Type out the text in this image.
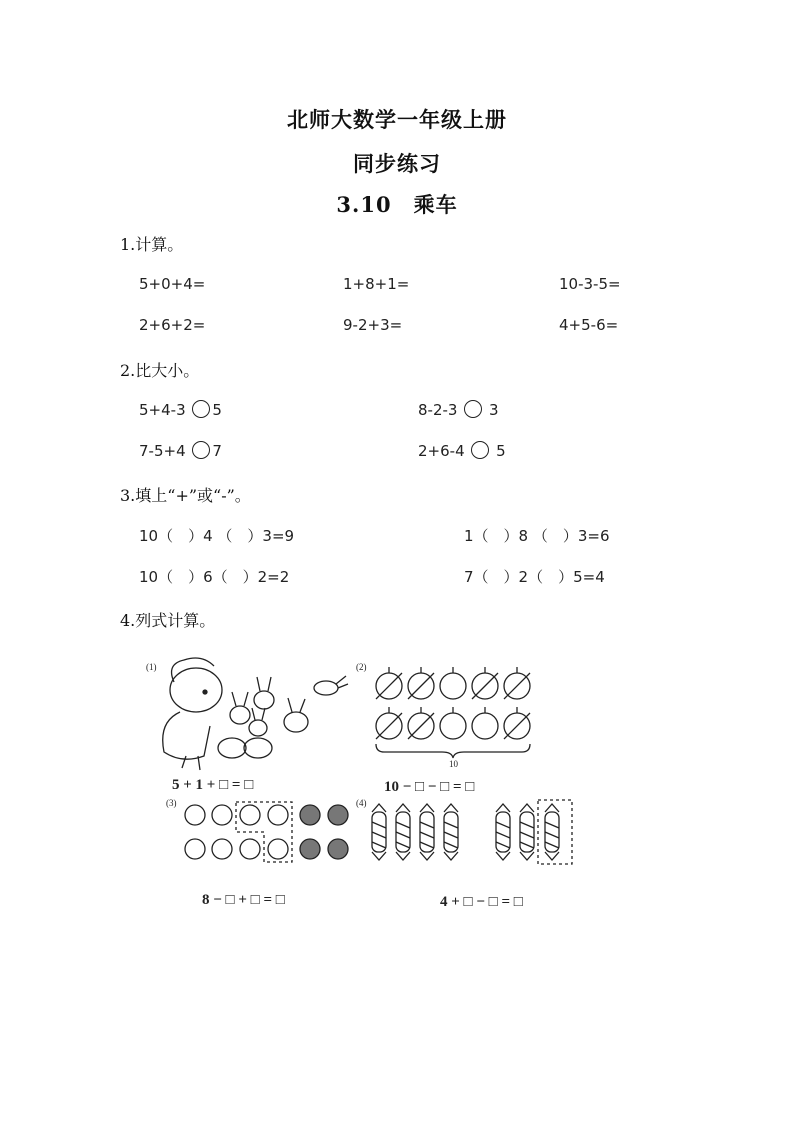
北师大数学一年级上册
同步练习
3.10　乘车
1.计算。
5+0+4=	1+8+1=	10-3-5=
2+6+2=	9-2+3=	4+5-6=
2.比大小。
5+4-3 5	8-2-3  3
7-5+4 7	2+6-4  5
3.填上“+”或“-”。
10（　）4 （　）3=9	1（　）8 （　）3=6
10（　）6（　）2=2	7（　）2（　）5=4
4.列式计算。
(1)	(2)
(3)	(4)
10
5 + 1 + □ = □	10 − □ − □ = □
8 − □ + □ = □	4 + □ − □ = □
